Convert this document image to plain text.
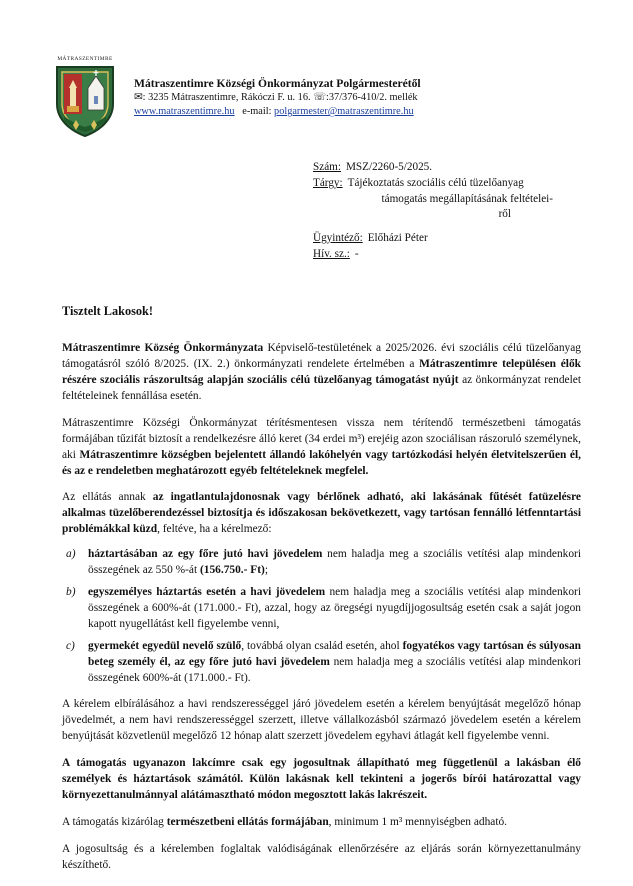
MÁTRASZENTIMRE
Mátraszentimre Községi Önkormányzat Polgármesterétől
✉: 3235 Mátraszentimre, Rákóczi F. u. 16. ☏:37/376-410/2. mellék
www.matraszentimre.hu e-mail: polgarmester@matraszentimre.hu
Szám: MSZ/2260-5/2025.
Tárgy: Tájékoztatás szociális célú tüzelőanyag
támogatás megállapításának feltételei-
ről
Ügyintéző: Előházi Péter
Hív. sz.: -
Tisztelt Lakosok!

Mátraszentimre Község Önkormányzata Képviselő-testületének a 2025/2026. évi szociális célú tüzelőanyag támogatásról szóló 8/2025. (IX. 2.) önkormányzati rendelete értelmében a Mátraszentimre településen élők részére szociális rászorultság alapján szociális célú tüzelőanyag támogatást nyújt az önkormányzat rendelet feltételeinek fennállása esetén.

Mátraszentimre Községi Önkormányzat térítésmentesen vissza nem térítendő természetbeni támogatás formájában tűzifát biztosít a rendelkezésre álló keret (34 erdei m³) erejéig azon szociálisan rászoruló személynek, aki Mátraszentimre községben bejelentett állandó lakóhelyén vagy tartózkodási helyén életvitelszerűen él, és az e rendeletben meghatározott egyéb feltételeknek megfelel.

Az ellátás annak az ingatlantulajdonosnak vagy bérlőnek adható, aki lakásának fűtését fatüzelésre alkalmas tüzelőberendezéssel biztosítja és időszakosan bekövetkezett, vagy tartósan fennálló létfenntartási problémákkal küzd, feltéve, ha a kérelmező:

a)	háztartásában az egy főre jutó havi jövedelem nem haladja meg a szociális vetítési alap mindenkori összegének az 550 %-át (156.750.- Ft);
b)	egyszemélyes háztartás esetén a havi jövedelem nem haladja meg a szociális vetítési alap mindenkori összegének a 600%-át (171.000.- Ft), azzal, hogy az öregségi nyugdíjjogosultság esetén csak a saját jogon kapott nyugellátást kell figyelembe venni,
c)	gyermekét egyedül nevelő szülő, továbbá olyan család esetén, ahol fogyatékos vagy tartósan és súlyosan beteg személy él, az egy főre jutó havi jövedelem nem haladja meg a szociális vetítési alap mindenkori összegének 600%-át (171.000.- Ft).

A kérelem elbírálásához a havi rendszerességgel járó jövedelem esetén a kérelem benyújtását megelőző hónap jövedelmét, a nem havi rendszerességgel szerzett, illetve vállalkozásból származó jövedelem esetén a kérelem benyújtását közvetlenül megelőző 12 hónap alatt szerzett jövedelem egyhavi átlagát kell figyelembe venni.

A támogatás ugyanazon lakcímre csak egy jogosultnak állapítható meg függetlenül a lakásban élő személyek és háztartások számától. Külön lakásnak kell tekinteni a jogerős bírói határozattal vagy környezettanulmánnyal alátámasztható módon megosztott lakás lakrészeit.

A támogatás kizárólag természetbeni ellátás formájában, minimum 1 m³ mennyiségben adható.

A jogosultság és a kérelemben foglaltak valódiságának ellenőrzésére az eljárás során környezettanulmány készíthető.
